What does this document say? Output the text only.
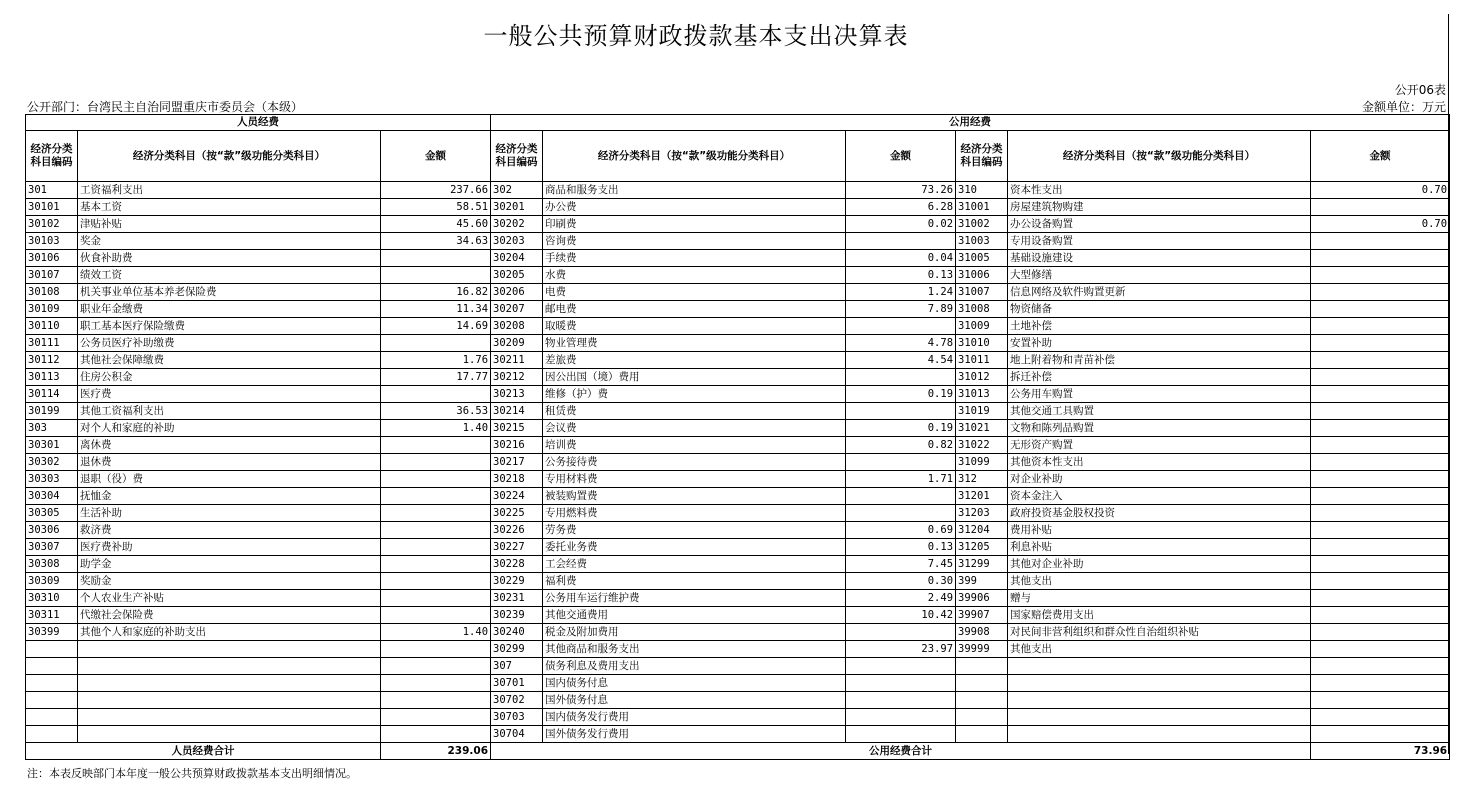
一般公共预算财政拨款基本支出决算表
公开06表
公开部门：台湾民主自治同盟重庆市委员会（本级）	金额单位：万元
人员经费			公用经费					
经济分类科目编码	经济分类科目（按“款”级功能分类科目）	金额	经济分类科目编码	经济分类科目（按“款”级功能分类科目）	金额	经济分类科目编码	经济分类科目（按“款”级功能分类科目）	金额
301	工资福利支出	237.66	302	商品和服务支出	73.26	310	资本性支出	0.70
30101	基本工资	58.51	30201	办公费	6.28	31001	房屋建筑物购建	
30102	津贴补贴	45.60	30202	印刷费	0.02	31002	办公设备购置	0.70
30103	奖金	34.63	30203	咨询费		31003	专用设备购置	
30106	伙食补助费		30204	手续费	0.04	31005	基础设施建设	
30107	绩效工资		30205	水费	0.13	31006	大型修缮	
30108	机关事业单位基本养老保险费	16.82	30206	电费	1.24	31007	信息网络及软件购置更新	
30109	职业年金缴费	11.34	30207	邮电费	7.89	31008	物资储备	
30110	职工基本医疗保险缴费	14.69	30208	取暖费		31009	土地补偿	
30111	公务员医疗补助缴费		30209	物业管理费	4.78	31010	安置补助	
30112	其他社会保障缴费	1.76	30211	差旅费	4.54	31011	地上附着物和青苗补偿	
30113	住房公积金	17.77	30212	因公出国（境）费用		31012	拆迁补偿	
30114	医疗费		30213	维修（护）费	0.19	31013	公务用车购置	
30199	其他工资福利支出	36.53	30214	租赁费		31019	其他交通工具购置	
303	对个人和家庭的补助	1.40	30215	会议费	0.19	31021	文物和陈列品购置	
30301	离休费		30216	培训费	0.82	31022	无形资产购置	
30302	退休费		30217	公务接待费		31099	其他资本性支出	
30303	退职（役）费		30218	专用材料费	1.71	312	对企业补助	
30304	抚恤金		30224	被装购置费		31201	资本金注入	
30305	生活补助		30225	专用燃料费		31203	政府投资基金股权投资	
30306	救济费		30226	劳务费	0.69	31204	费用补贴	
30307	医疗费补助		30227	委托业务费	0.13	31205	利息补贴	
30308	助学金		30228	工会经费	7.45	31299	其他对企业补助	
30309	奖励金		30229	福利费	0.30	399	其他支出	
30310	个人农业生产补贴		30231	公务用车运行维护费	2.49	39906	赠与	
30311	代缴社会保险费		30239	其他交通费用	10.42	39907	国家赔偿费用支出	
30399	其他个人和家庭的补助支出	1.40	30240	税金及附加费用		39908	对民间非营利组织和群众性自治组织补贴	
			30299	其他商品和服务支出	23.97	39999	其他支出	
			307	债务利息及费用支出				
			30701	国内债务付息				
			30702	国外债务付息				
			30703	国内债务发行费用				
			30704	国外债务发行费用				
人员经费合计		239.06	公用经费合计					73.96
注：本表反映部门本年度一般公共预算财政拨款基本支出明细情况。
